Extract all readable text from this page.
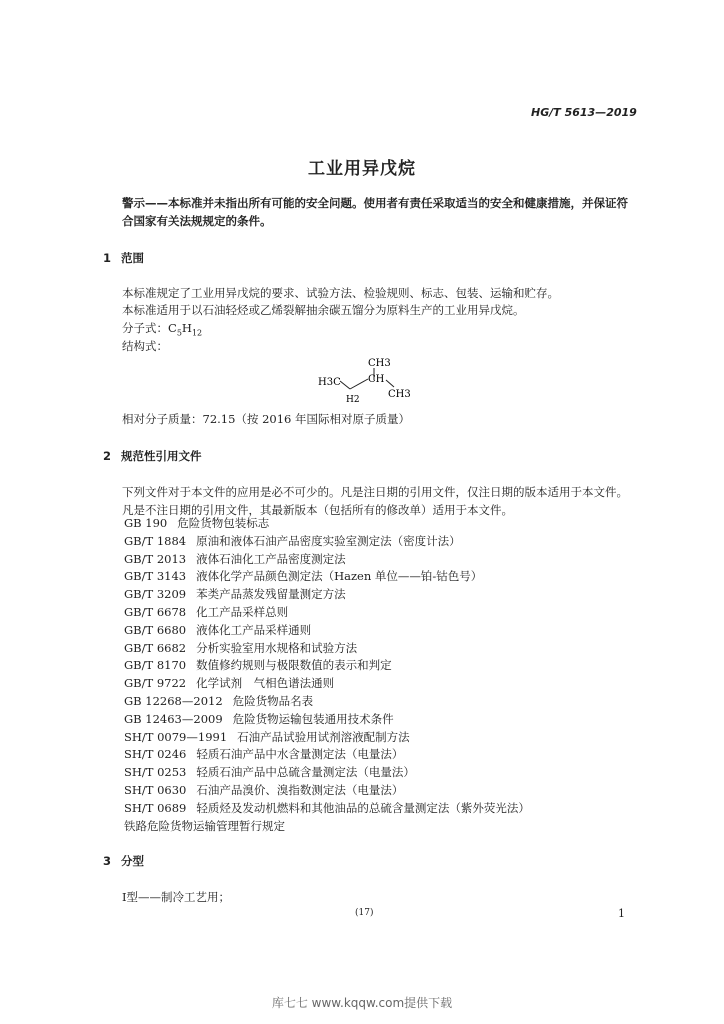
HG/T 5613—2019
工业用异戊烷
警示——本标准并未指出所有可能的安全问题。使用者有责任采取适当的安全和健康措施，并保证符合国家有关法规规定的条件。
1 范围
本标准规定了工业用异戊烷的要求、试验方法、检验规则、标志、包装、运输和贮存。
本标准适用于以石油轻烃或乙烯裂解抽余碳五馏分为原料生产的工业用异戊烷。
分子式：$C_5H_{12}$
结构式：
CH3
H3C	CH
CH3
H2
相对分子质量：72.15（按 2016 年国际相对原子质量）
2 规范性引用文件
下列文件对于本文件的应用是必不可少的。凡是注日期的引用文件，仅注日期的版本适用于本文件。凡是不注日期的引用文件，其最新版本（包括所有的修改单）适用于本文件。
GB 190 危险货物包装标志
GB/T 1884 原油和液体石油产品密度实验室测定法（密度计法）
GB/T 2013 液体石油化工产品密度测定法
GB/T 3143 液体化学产品颜色测定法（Hazen 单位——铂-钴色号）
GB/T 3209 苯类产品蒸发残留量测定方法
GB/T 6678 化工产品采样总则
GB/T 6680 液体化工产品采样通则
GB/T 6682 分析实验室用水规格和试验方法
GB/T 8170 数值修约规则与极限数值的表示和判定
GB/T 9722 化学试剂　气相色谱法通则
GB 12268—2012 危险货物品名表
GB 12463—2009 危险货物运输包装通用技术条件
SH/T 0079—1991 石油产品试验用试剂溶液配制方法
SH/T 0246 轻质石油产品中水含量测定法（电量法）
SH/T 0253 轻质石油产品中总硫含量测定法（电量法）
SH/T 0630 石油产品溴价、溴指数测定法（电量法）
SH/T 0689 轻质烃及发动机燃料和其他油品的总硫含量测定法（紫外荧光法）
铁路危险货物运输管理暂行规定
3 分型
Ⅰ型——制冷工艺用；
(17)	1
库七七 www.kqqw.com提供下载
